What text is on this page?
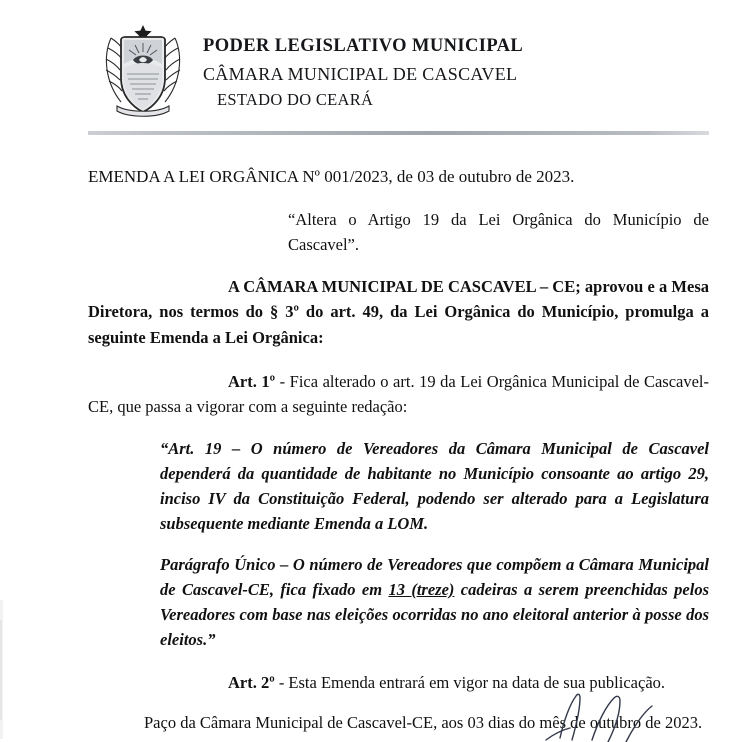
PODER LEGISLATIVO MUNICIPAL
CÂMARA MUNICIPAL DE CASCAVEL
ESTADO DO CEARÁ

EMENDA A LEI ORGÂNICA Nº 001/2023, de 03 de outubro de 2023.

“Altera o Artigo 19 da Lei Orgânica do Município de Cascavel”.

A CÂMARA MUNICIPAL DE CASCAVEL – CE; aprovou e a Mesa Diretora, nos termos do § 3º do art. 49, da Lei Orgânica do Município, promulga a seguinte Emenda a Lei Orgânica:

Art. 1º - Fica alterado o art. 19 da Lei Orgânica Municipal de Cascavel-CE, que passa a vigorar com a seguinte redação:

“Art. 19 – O número de Vereadores da Câmara Municipal de Cascavel dependerá da quantidade de habitante no Município consoante ao artigo 29, inciso IV da Constituição Federal, podendo ser alterado para a Legislatura subsequente mediante Emenda a LOM.

Parágrafo Único – O número de Vereadores que compõem a Câmara Municipal de Cascavel-CE, fica fixado em 13 (treze) cadeiras a serem preenchidas pelos Vereadores com base nas eleições ocorridas no ano eleitoral anterior à posse dos eleitos.”

Art. 2º - Esta Emenda entrará em vigor na data de sua publicação.

Paço da Câmara Municipal de Cascavel-CE, aos 03 dias do mês de outubro de 2023.
